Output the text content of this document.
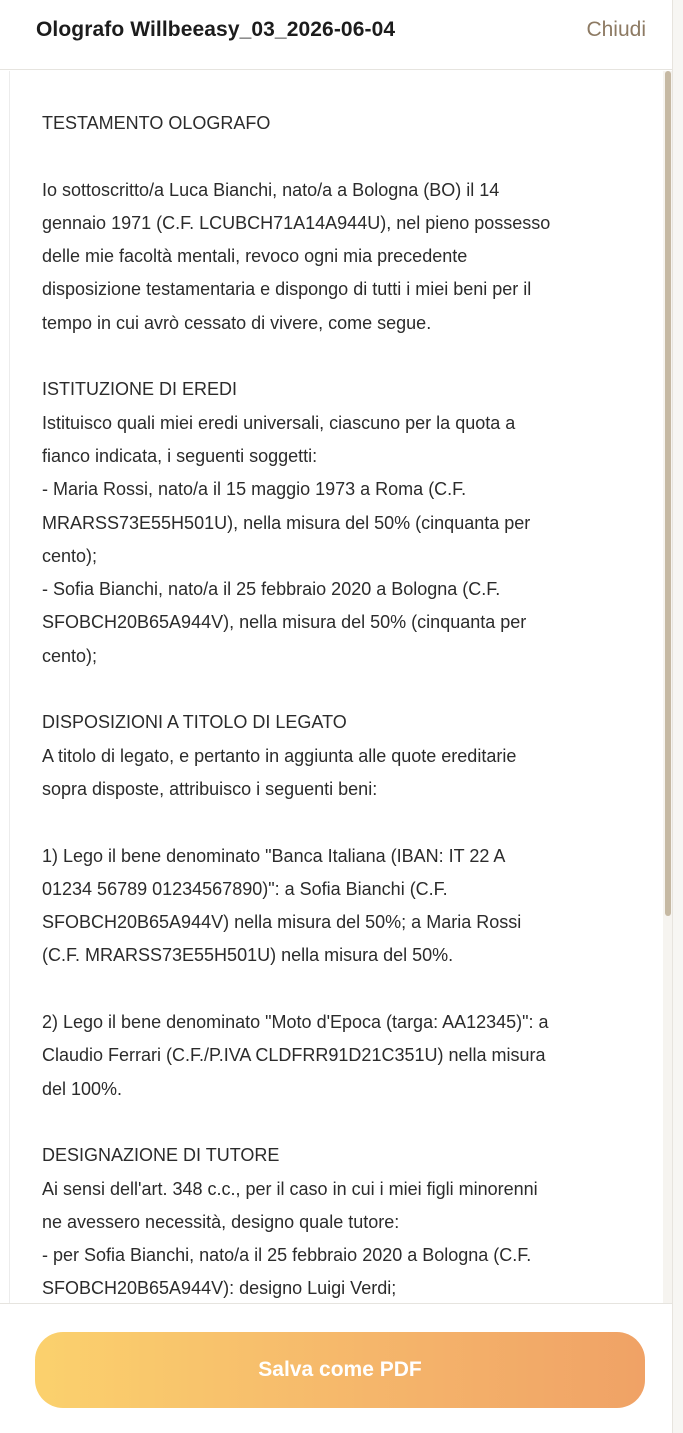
Olografo Willbeeasy_03_2026-06-04	Chiudi
TESTAMENTO OLOGRAFO

Io sottoscritto/a Luca Bianchi, nato/a a Bologna (BO) il 14
gennaio 1971 (C.F. LCUBCH71A14A944U), nel pieno possesso
delle mie facoltà mentali, revoco ogni mia precedente
disposizione testamentaria e dispongo di tutti i miei beni per il
tempo in cui avrò cessato di vivere, come segue.

ISTITUZIONE DI EREDI
Istituisco quali miei eredi universali, ciascuno per la quota a
fianco indicata, i seguenti soggetti:
- Maria Rossi, nato/a il 15 maggio 1973 a Roma (C.F.
MRARSS73E55H501U), nella misura del 50% (cinquanta per
cento);
- Sofia Bianchi, nato/a il 25 febbraio 2020 a Bologna (C.F.
SFOBCH20B65A944V), nella misura del 50% (cinquanta per
cento);

DISPOSIZIONI A TITOLO DI LEGATO
A titolo di legato, e pertanto in aggiunta alle quote ereditarie
sopra disposte, attribuisco i seguenti beni:

1) Lego il bene denominato "Banca Italiana (IBAN: IT 22 A
01234 56789 01234567890)": a Sofia Bianchi (C.F.
SFOBCH20B65A944V) nella misura del 50%; a Maria Rossi
(C.F. MRARSS73E55H501U) nella misura del 50%.

2) Lego il bene denominato "Moto d'Epoca (targa: AA12345)": a
Claudio Ferrari (C.F./P.IVA CLDFRR91D21C351U) nella misura
del 100%.

DESIGNAZIONE DI TUTORE
Ai sensi dell'art. 348 c.c., per il caso in cui i miei figli minorenni
ne avessero necessità, designo quale tutore:
- per Sofia Bianchi, nato/a il 25 febbraio 2020 a Bologna (C.F.
SFOBCH20B65A944V): designo Luigi Verdi;
Salva come PDF
